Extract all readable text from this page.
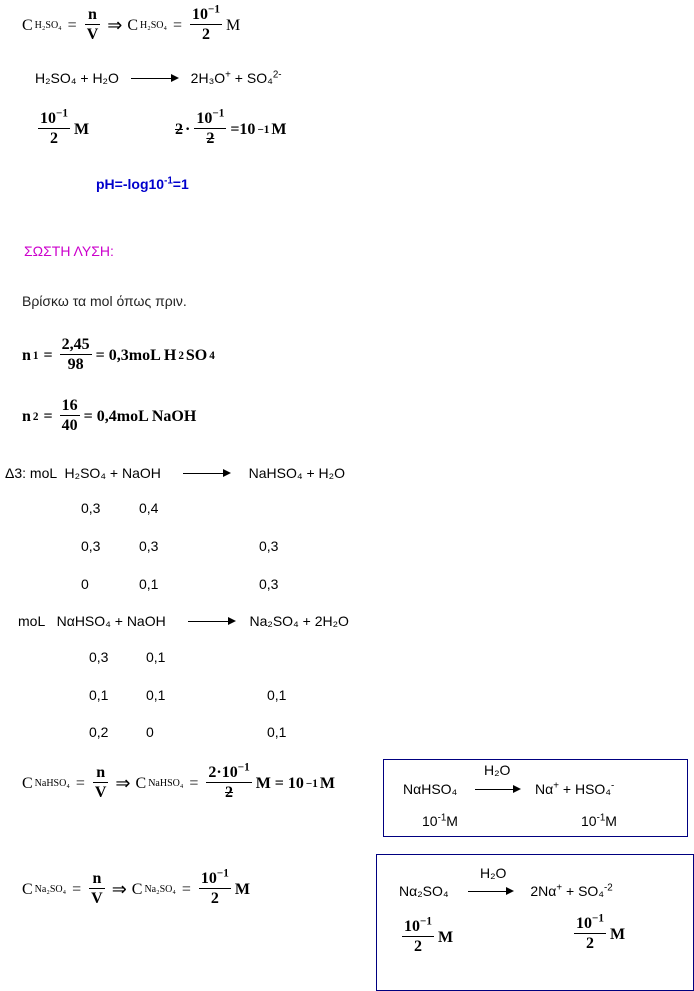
C $H_2SO_4 = \frac{n}{V}$ ⇒ C $H_2SO_4 = \frac{10^{-1}}{2}$ M
H₂SO₄ + H₂O	2H₃O+ + SO₄$^{2-}$
$\frac{10^{-1}}{2}$ M	$2 \cdot \frac{10^{-1}}{2} =10 -1$ M
$pH=-\log 10^{-1}=1$
ΣΩΣΤΗ ΛΥΣΗ:
Βρίσκω τα mol όπως πριν.
n $1 = \frac{2,45}{98} = 0,3moL$ H 2 SO 4
n $2 = \frac{16}{40} = 0,4moL$ NaOH
Δ3: moL H₂SO₄ + NaOH	NaHSO₄ + H₂O
0,3	0,4
0,3	0,3	0,3
0	0,1	0,3
moL NαHSO₄ + NaOH	Na₂SO₄ + 2H₂O
0,3	0,1
0,1	0,1	0,1
0,2	0	0,1
C NaHSO₄ = $\frac{n}{V}$ ⇒ C NaHSO₄ = $\frac{2\cdot 10^{-1}}{2}$ M = 10 −1 M
H₂O
NαHSO₄	Nα+ + HSO₄-
$10^{-1}M$	$10^{-1}M$
C $Na_2SO_4 = \frac{n}{V}$ ⇒ C $Na_2SO_4 = \frac{10^{-1}}{2}$ M
H₂O
Nα₂SO₄	2Nα+ + SO₄$^{-2}$
$\frac{10^{-1}}{2}$ M	$\frac{10^{-1}}{2}$ M
